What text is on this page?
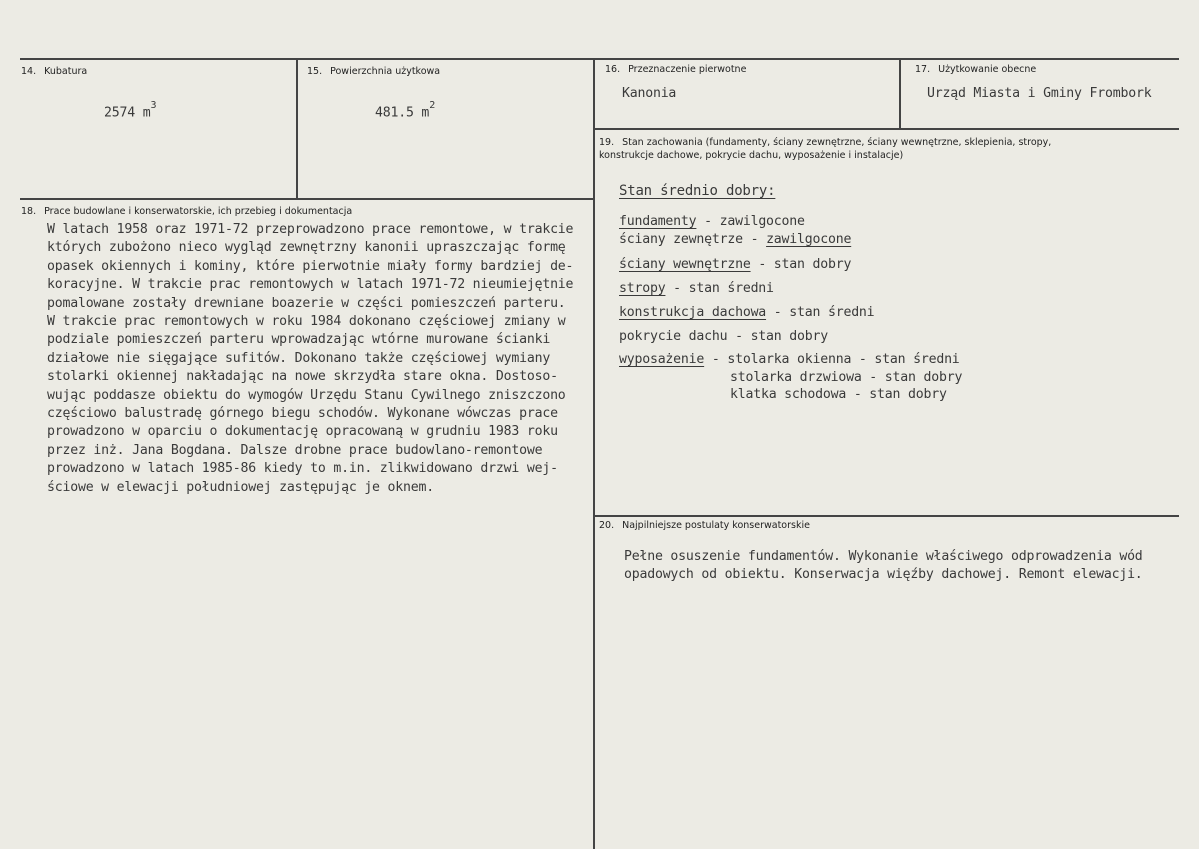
14. Kubatura
2574 $m^3$
15. Powierzchnia użytkowa
481.5 $m^2$
16. Przeznaczenie pierwotne
Kanonia
17. Użytkowanie obecne
Urząd Miasta i Gminy Frombork
18. Prace budowlane i konserwatorskie, ich przebieg i dokumentacja
W latach 1958 oraz 1971-72 przeprowadzono prace remontowe, w trakcie
których zubożono nieco wygląd zewnętrzny kanonii upraszczając formę
opasek okiennych i kominy, które pierwotnie miały formy bardziej de-
koracyjne. W trakcie prac remontowych w latach 1971-72 nieumiejętnie
pomalowane zostały drewniane boazerie w części pomieszczeń parteru.
W trakcie prac remontowych w roku 1984 dokonano częściowej zmiany w
podziale pomieszczeń parteru wprowadzając wtórne murowane ścianki
działowe nie sięgające sufitów. Dokonano także częściowej wymiany
stolarki okiennej nakładając na nowe skrzydła stare okna. Dostoso-
wując poddasze obiektu do wymogów Urzędu Stanu Cywilnego zniszczono
częściowo balustradę górnego biegu schodów. Wykonane wówczas prace
prowadzono w oparciu o dokumentację opracowaną w grudniu 1983 roku
przez inż. Jana Bogdana. Dalsze drobne prace budowlano-remontowe
prowadzono w latach 1985-86 kiedy to m.in. zlikwidowano drzwi wej-
ściowe w elewacji południowej zastępując je oknem.
19. Stan zachowania (fundamenty, ściany zewnętrzne, ściany wewnętrzne, sklepienia, stropy, konstrukcje dachowe, pokrycie dachu, wyposażenie i instalacje)
Stan średnio dobry:
fundamenty - zawilgocone
ściany zewnętrze - zawilgocone
ściany wewnętrzne - stan dobry
stropy - stan średni
konstrukcja dachowa - stan średni
pokrycie dachu - stan dobry
wyposażenie - stolarka okienna - stan średni
stolarka drzwiowa - stan dobry
klatka schodowa - stan dobry
20. Najpilniejsze postulaty konserwatorskie
Pełne osuszenie fundamentów. Wykonanie właściwego odprowadzenia wód
opadowych od obiektu. Konserwacja więźby dachowej. Remont elewacji.
